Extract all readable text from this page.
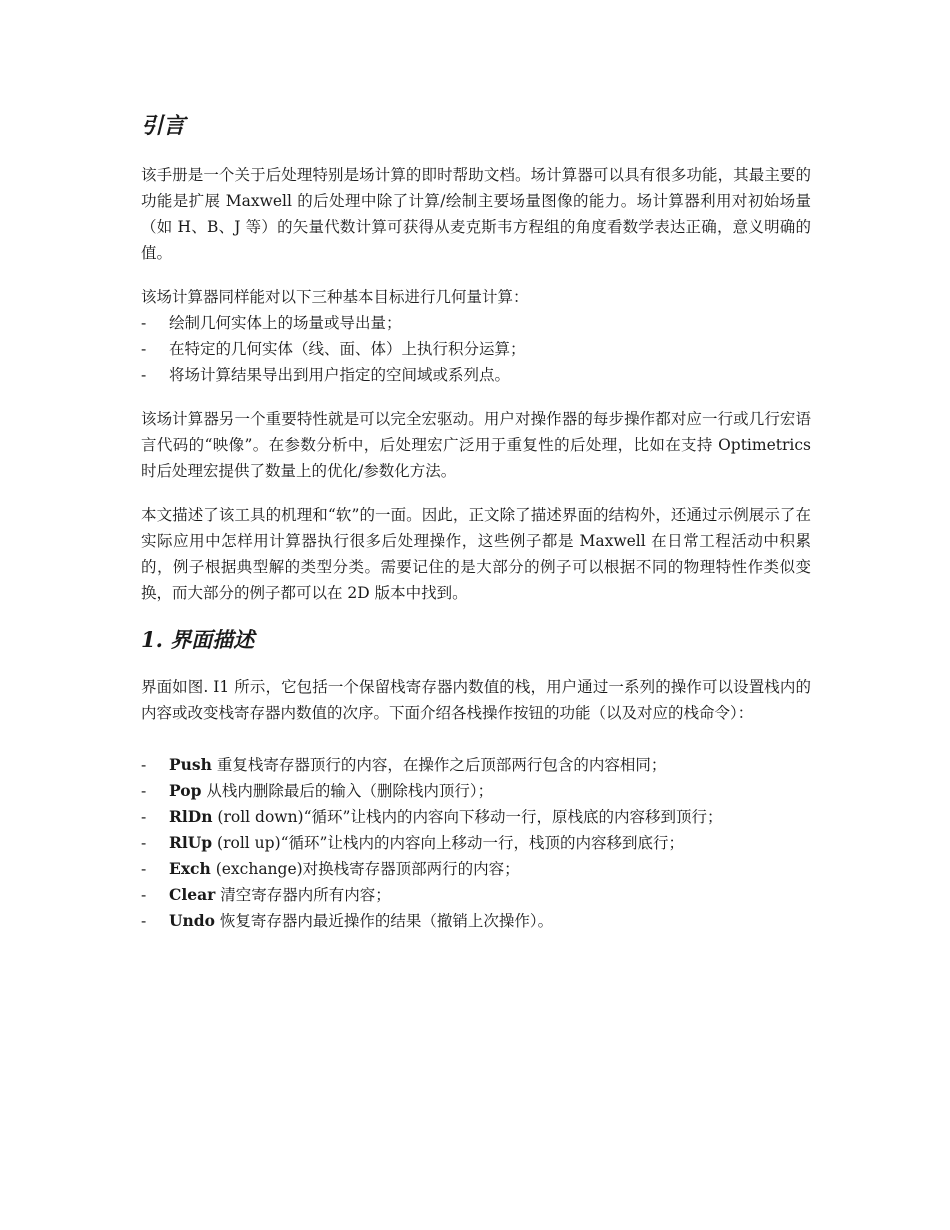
引言

该手册是一个关于后处理特别是场计算的即时帮助文档。场计算器可以具有很多功能，其最主要的功能是扩展 Maxwell 的后处理中除了计算/绘制主要场量图像的能力。场计算器利用对初始场量（如 H、B、J 等）的矢量代数计算可获得从麦克斯韦方程组的角度看数学表达正确，意义明确的值。

该场计算器同样能对以下三种基本目标进行几何量计算：

- 绘制几何实体上的场量或导出量；
- 在特定的几何实体（线、面、体）上执行积分运算；
- 将场计算结果导出到用户指定的空间域或系列点。

该场计算器另一个重要特性就是可以完全宏驱动。用户对操作器的每步操作都对应一行或几行宏语言代码的“映像”。在参数分析中，后处理宏广泛用于重复性的后处理，比如在支持 Optimetrics 时后处理宏提供了数量上的优化/参数化方法。

本文描述了该工具的机理和“软”的一面。因此，正文除了描述界面的结构外，还通过示例展示了在实际应用中怎样用计算器执行很多后处理操作，这些例子都是 Maxwell 在日常工程活动中积累的，例子根据典型解的类型分类。需要记住的是大部分的例子可以根据不同的物理特性作类似变换，而大部分的例子都可以在 2D 版本中找到。

1. 界面描述

界面如图. I1 所示，它包括一个保留栈寄存器内数值的栈，用户通过一系列的操作可以设置栈内的内容或改变栈寄存器内数值的次序。下面介绍各栈操作按钮的功能（以及对应的栈命令）：

- Push 重复栈寄存器顶行的内容，在操作之后顶部两行包含的内容相同；
- Pop 从栈内删除最后的输入（删除栈内顶行）；
- RlDn (roll down)“循环”让栈内的内容向下移动一行，原栈底的内容移到顶行；
- RlUp (roll up)“循环”让栈内的内容向上移动一行，栈顶的内容移到底行；
- Exch (exchange)对换栈寄存器顶部两行的内容；
- Clear 清空寄存器内所有内容；
- Undo 恢复寄存器内最近操作的结果（撤销上次操作）。
